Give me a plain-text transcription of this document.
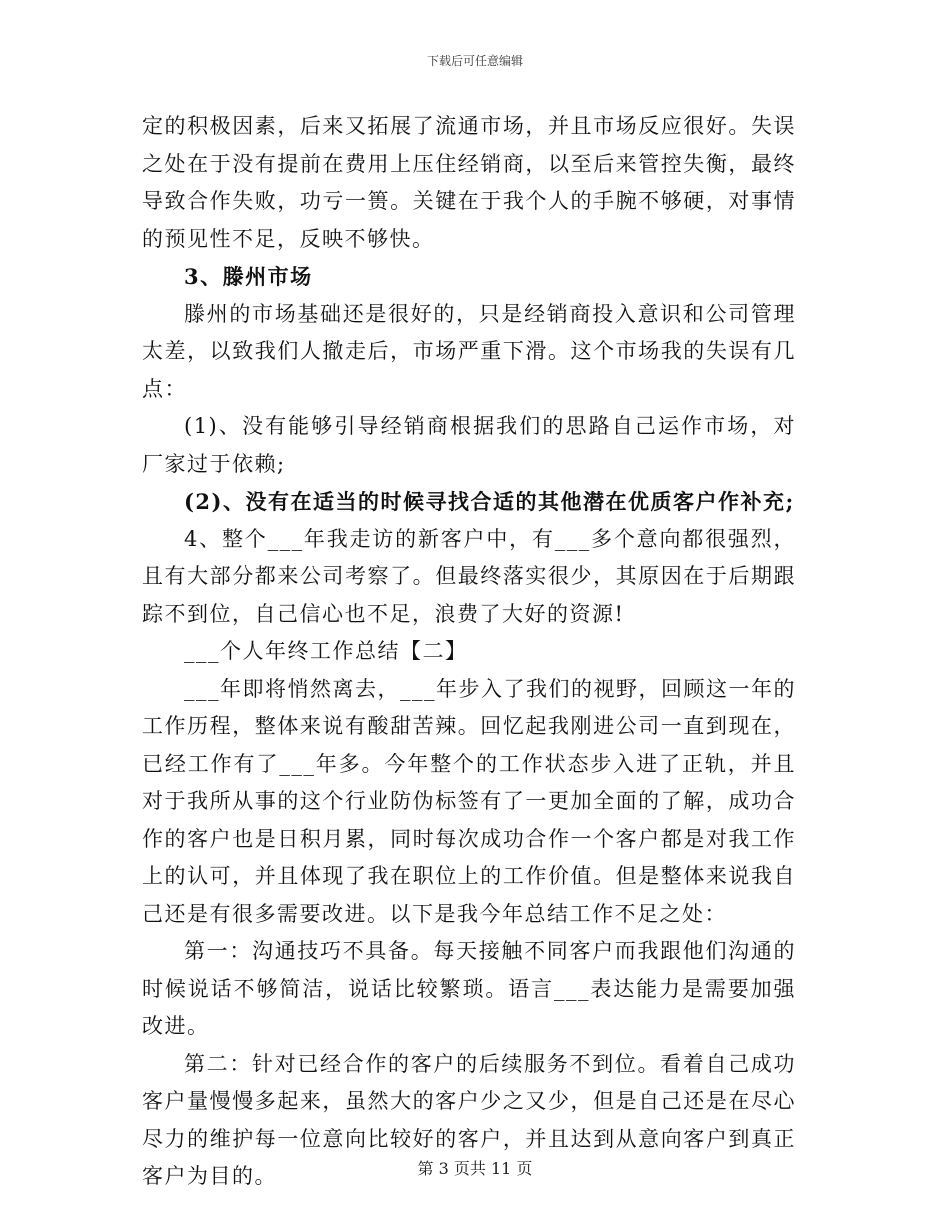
下载后可任意编辑

定的积极因素，后来又拓展了流通市场，并且市场反应很好。失误之处在于没有提前在费用上压住经销商，以至后来管控失衡，最终导致合作失败，功亏一篑。关键在于我个人的手腕不够硬，对事情的预见性不足，反映不够快。

3、滕州市场

滕州的市场基础还是很好的，只是经销商投入意识和公司管理太差，以致我们人撤走后，市场严重下滑。这个市场我的失误有几点：

(1)、没有能够引导经销商根据我们的思路自己运作市场，对厂家过于依赖;

(2)、没有在适当的时候寻找合适的其他潜在优质客户作补充;

4、整个___年我走访的新客户中，有___多个意向都很强烈，且有大部分都来公司考察了。但最终落实很少，其原因在于后期跟踪不到位，自己信心也不足，浪费了大好的资源!

___个人年终工作总结【二】

___年即将悄然离去，___年步入了我们的视野，回顾这一年的工作历程，整体来说有酸甜苦辣。回忆起我刚进公司一直到现在，已经工作有了___年多。今年整个的工作状态步入进了正轨，并且对于我所从事的这个行业防伪标签有了一更加全面的了解，成功合作的客户也是日积月累，同时每次成功合作一个客户都是对我工作上的认可，并且体现了我在职位上的工作价值。但是整体来说我自己还是有很多需要改进。以下是我今年总结工作不足之处：

第一：沟通技巧不具备。每天接触不同客户而我跟他们沟通的时候说话不够简洁，说话比较繁琐。语言___表达能力是需要加强改进。

第二：针对已经合作的客户的后续服务不到位。看着自己成功客户量慢慢多起来，虽然大的客户少之又少，但是自己还是在尽心尽力的维护每一位意向比较好的客户，并且达到从意向客户到真正客户为目的。	第 3 页共 11 页
